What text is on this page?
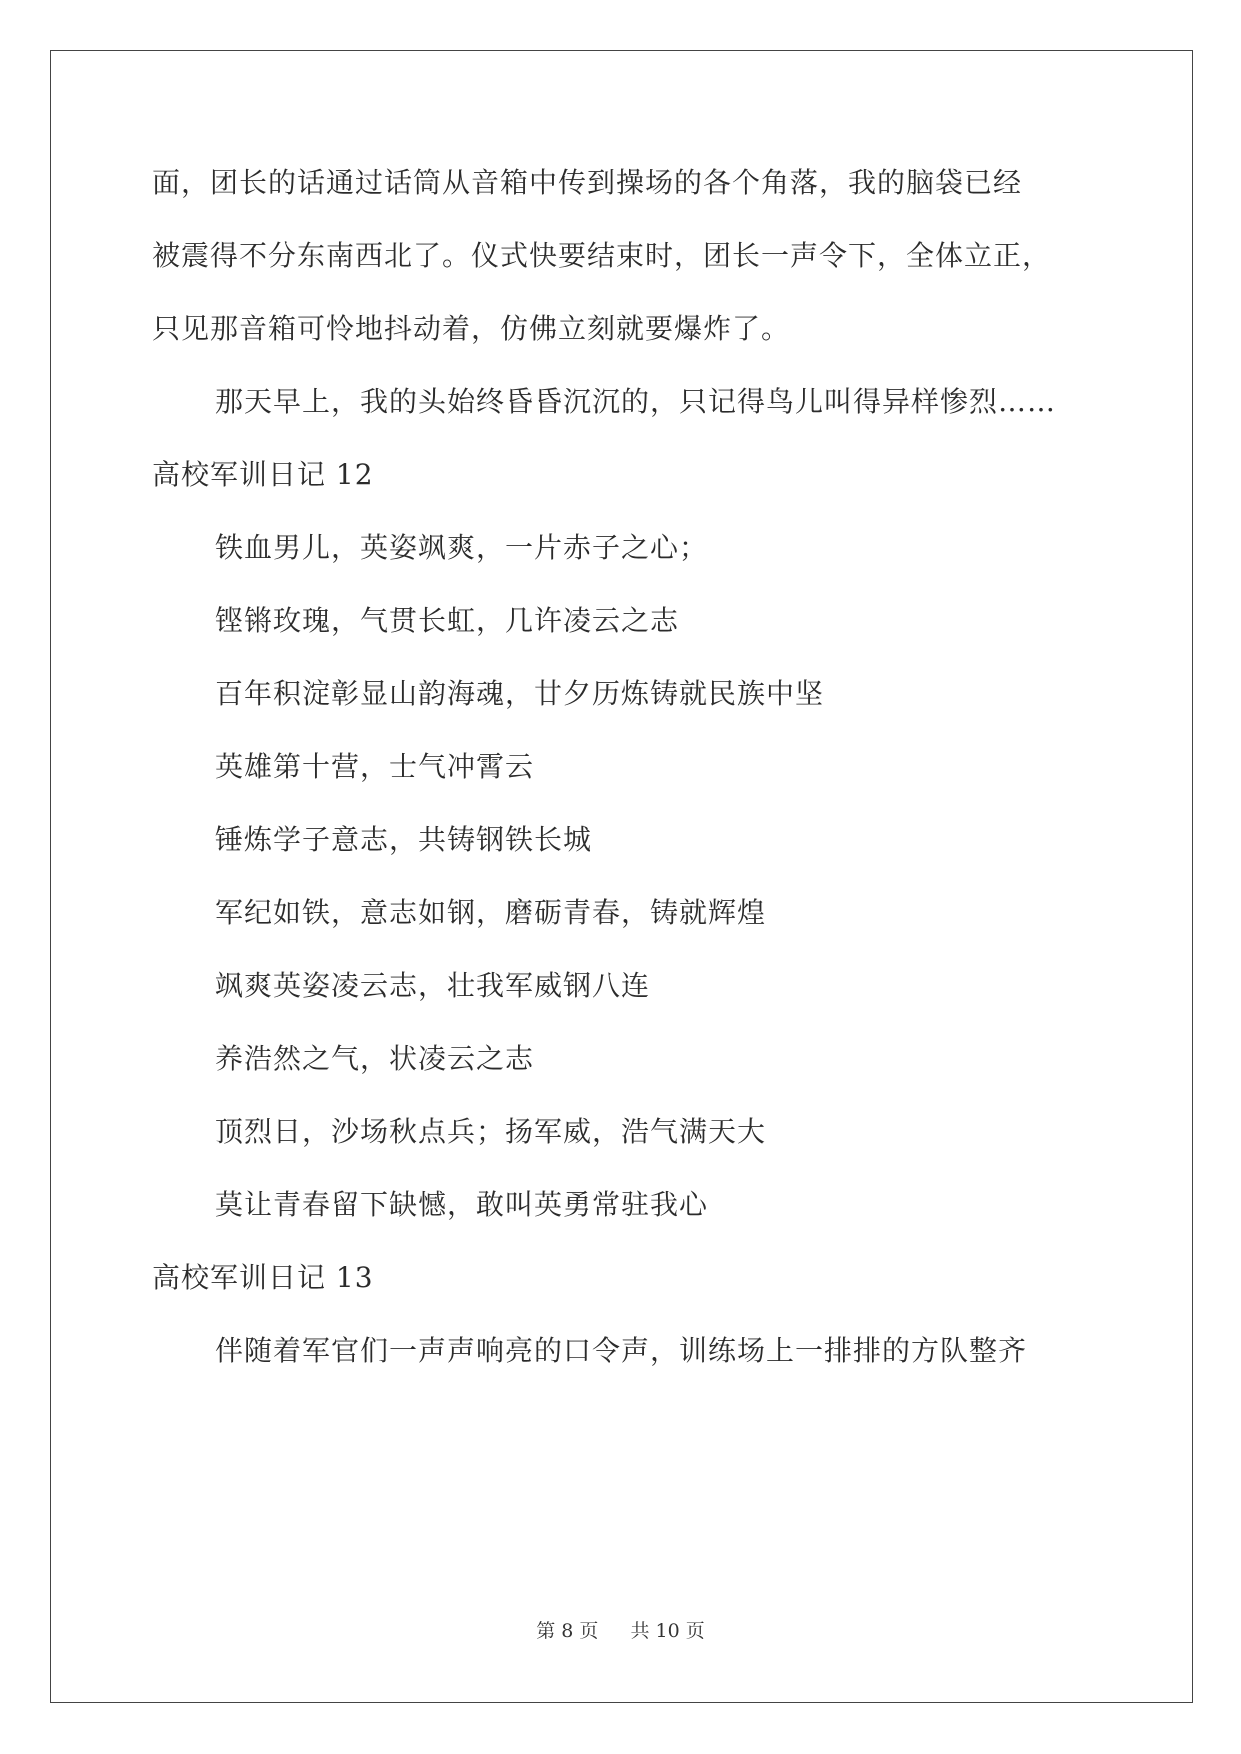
面，团长的话通过话筒从音箱中传到操场的各个角落，我的脑袋已经
被震得不分东南西北了。仪式快要结束时，团长一声令下，全体立正，
只见那音箱可怜地抖动着，仿佛立刻就要爆炸了。
那天早上，我的头始终昏昏沉沉的，只记得鸟儿叫得异样惨烈……
高校军训日记 12
铁血男儿，英姿飒爽，一片赤子之心；
铿锵玫瑰，气贯长虹，几许凌云之志
百年积淀彰显山韵海魂，廿夕历炼铸就民族中坚
英雄第十营，士气冲霄云
锤炼学子意志，共铸钢铁长城
军纪如铁，意志如钢，磨砺青春，铸就辉煌
飒爽英姿凌云志，壮我军威钢八连
养浩然之气，状凌云之志
顶烈日，沙场秋点兵；扬军威，浩气满天大
莫让青春留下缺憾，敢叫英勇常驻我心
高校军训日记 13
伴随着军官们一声声响亮的口令声，训练场上一排排的方队整齐
第 8 页 共 10 页
